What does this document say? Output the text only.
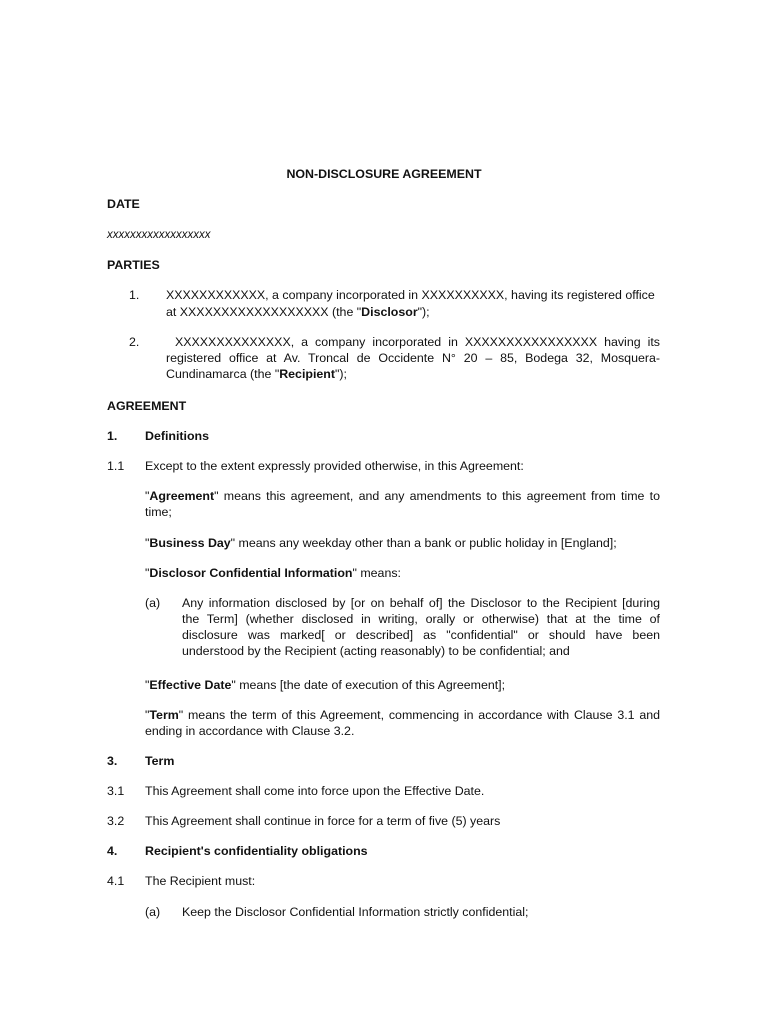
NON-DISCLOSURE AGREEMENT
DATE
xxxxxxxxxxxxxxxxxx
PARTIES
1. XXXXXXXXXXXX, a company incorporated in XXXXXXXXXX, having its registered office
at XXXXXXXXXXXXXXXXXX (the "Disclosor");
2.	XXXXXXXXXXXXXX, a company incorporated in XXXXXXXXXXXXXXXX having its
registered office at Av. Troncal de Occidente N° 20 – 85, Bodega 32, Mosquera-
Cundinamarca (the "Recipient");
AGREEMENT
1. Definitions
1.1 Except to the extent expressly provided otherwise, in this Agreement:
"Agreement" means this agreement, and any amendments to this agreement from time to
time;
"Business Day" means any weekday other than a bank or public holiday in [England];
"Disclosor Confidential Information" means:
(a) Any information disclosed by [or on behalf of] the Disclosor to the Recipient [during
the Term] (whether disclosed in writing, orally or otherwise) that at the time of
disclosure was marked[ or described] as "confidential" or should have been
understood by the Recipient (acting reasonably) to be confidential; and
"Effective Date" means [the date of execution of this Agreement];
"Term" means the term of this Agreement, commencing in accordance with Clause 3.1 and
ending in accordance with Clause 3.2.
3. Term
3.1 This Agreement shall come into force upon the Effective Date.
3.2 This Agreement shall continue in force for a term of five (5) years
4. Recipient's confidentiality obligations
4.1 The Recipient must:
(a) Keep the Disclosor Confidential Information strictly confidential;
